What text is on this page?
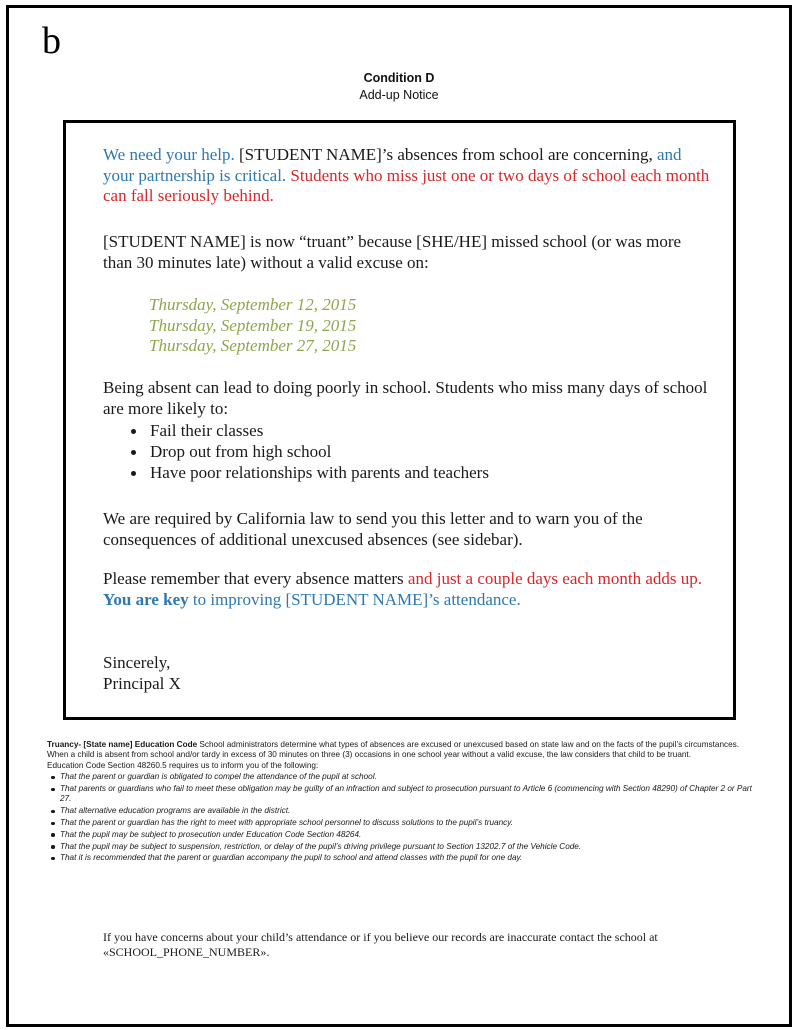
b
Condition D
Add-up Notice

We need your help. [STUDENT NAME]’s absences from school are concerning, and your partnership is critical. Students who miss just one or two days of school each month can fall seriously behind.

[STUDENT NAME] is now “truant” because [SHE/HE] missed school (or was more than 30 minutes late) without a valid excuse on:

Thursday, September 12, 2015
Thursday, September 19, 2015
Thursday, September 27, 2015

Being absent can lead to doing poorly in school. Students who miss many days of school are more likely to:

Fail their classes
Drop out from high school
Have poor relationships with parents and teachers

We are required by California law to send you this letter and to warn you of the consequences of additional unexcused absences (see sidebar).

Please remember that every absence matters and just a couple days each month adds up. You are key to improving [STUDENT NAME]’s attendance.

Sincerely,
Principal X

Truancy- [State name] Education Code School administrators determine what types of absences are excused or unexcused based on state law and on the facts of the pupil’s circumstances. When a child is absent from school and/or tardy in excess of 30 minutes on three (3) occasions in one school year without a valid excuse, the law considers that child to be truant.

Education Code Section 48260.5 requires us to inform you of the following:

That the parent or guardian is obligated to compel the attendance of the pupil at school.
That parents or guardians who fail to meet these obligation may be guilty of an infraction and subject to prosecution pursuant to Article 6 (commencing with Section 48290) of Chapter 2 or Part 27.
That alternative education programs are available in the district.
That the parent or guardian has the right to meet with appropriate school personnel to discuss solutions to the pupil’s truancy.
That the pupil may be subject to prosecution under Education Code Section 48264.
That the pupil may be subject to suspension, restriction, or delay of the pupil’s driving privilege pursuant to Section 13202.7 of the Vehicle Code.
That it is recommended that the parent or guardian accompany the pupil to school and attend classes with the pupil for one day.
If you have concerns about your child’s attendance or if you believe our records are inaccurate contact the school at «SCHOOL_PHONE_NUMBER».
